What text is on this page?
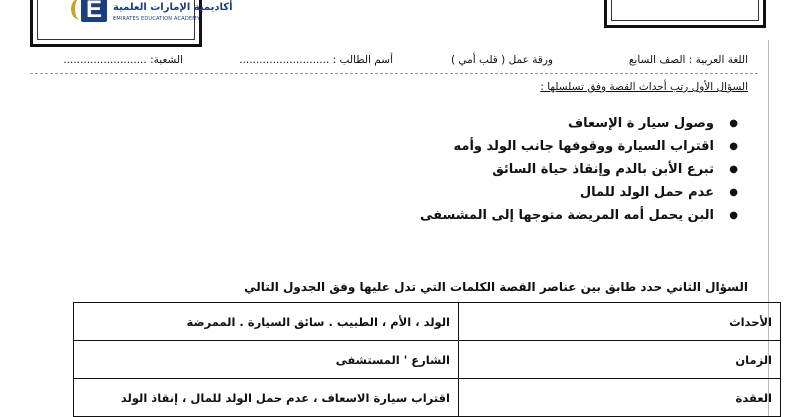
E	أكاديمية الإمارات العلمية
EMIRATES EDUCATION ACADEMY
اللغة العربية : الصف السابع
ورقة عمل ( قلب أمي )
أسم الطالب : ...........................
الشعبة: .........................
السؤال الأول رتب أحداث القصة وفق تسلسلها :
●
وصول سيار ة الإسعاف
●
اقتراب السيارة ووقوفها جانب الولد وأمه
●
تبرع الأبن بالدم وإنقاذ حياة السائق
●
عدم حمل الولد للمال
●
البن يحمل أمه المريضة متوجها إلى المشسفى
السؤال الثاني حدد طابق بين عناصر القصة الكلمات التي تدل عليها وفق الجدول التالي
الأحداث	الولد ، الأم ، الطبيب . سائق السيارة . الممرضة
الزمان	الشارع ' المستشفى
العقدة	اقتراب سيارة الاسعاف ، عدم حمل الولد للمال ، إنقاذ الولد
